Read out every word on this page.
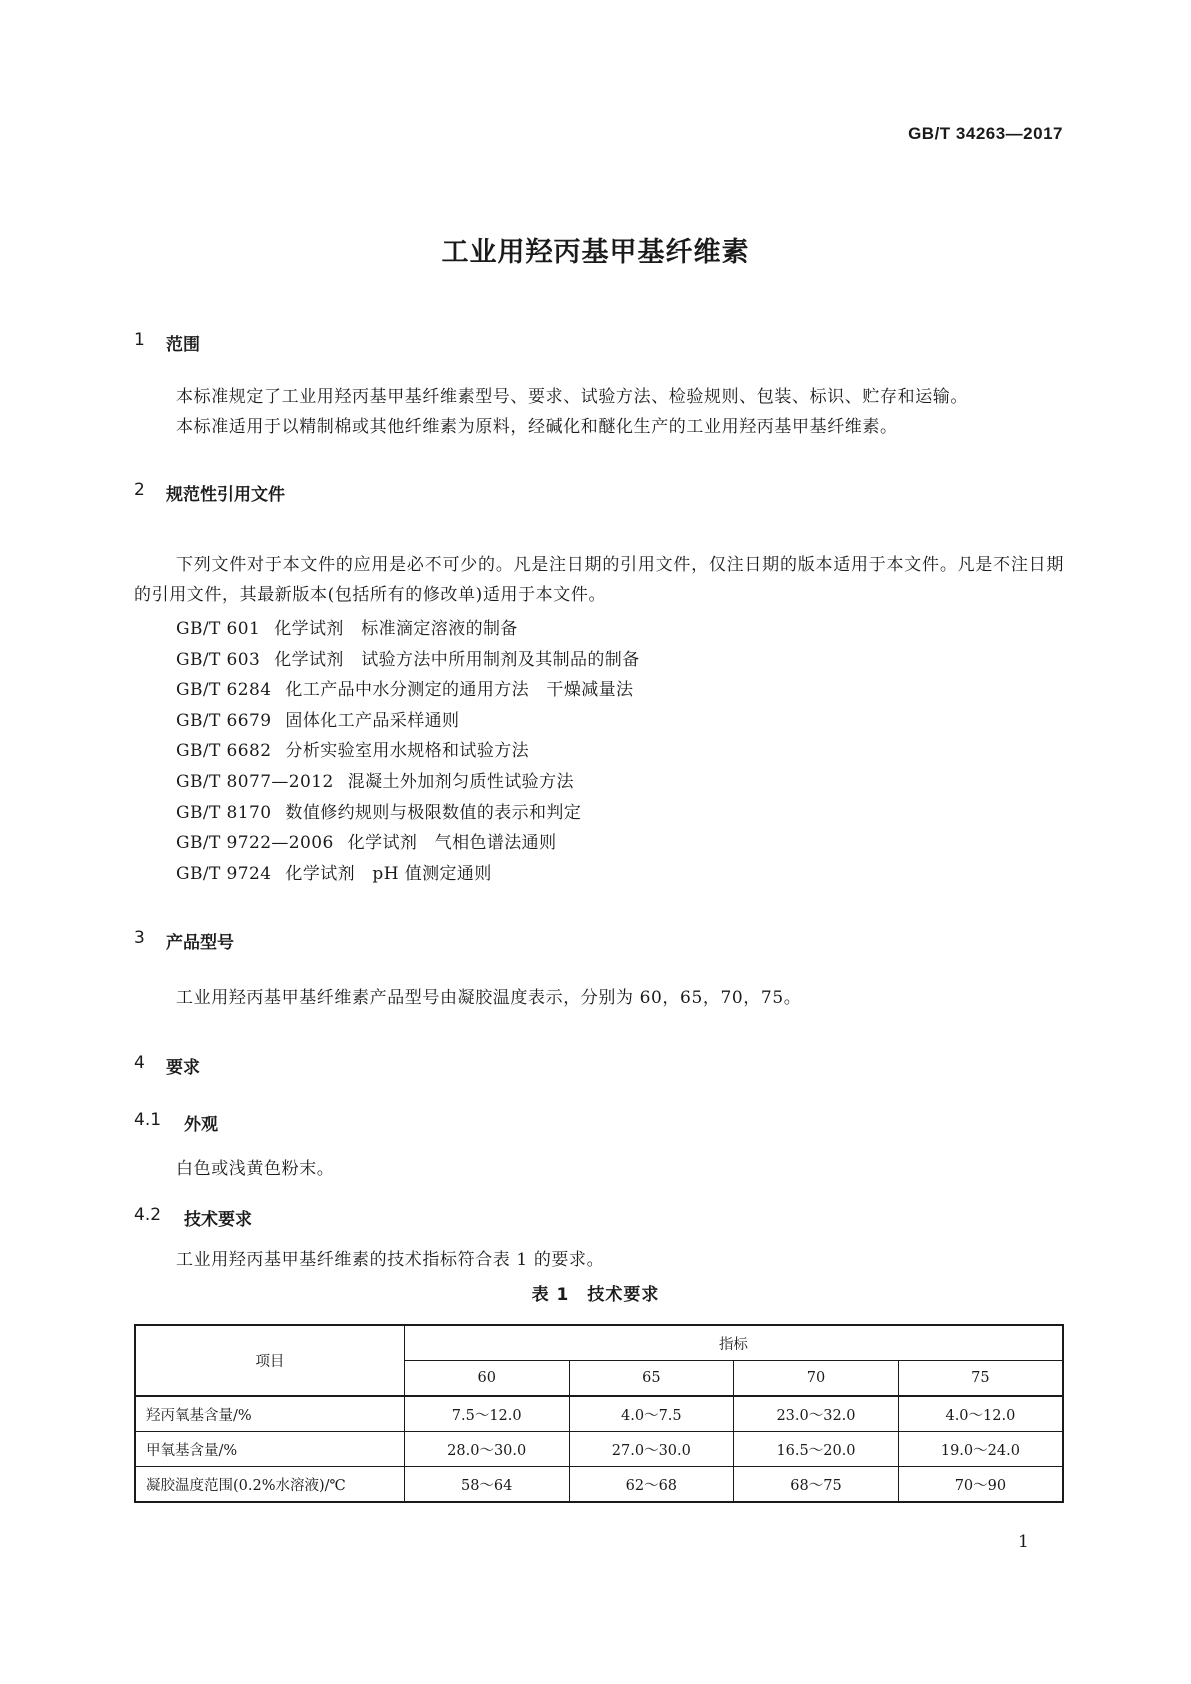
GB/T 34263—2017
工业用羟丙基甲基纤维素
1	范围
本标准规定了工业用羟丙基甲基纤维素型号、要求、试验方法、检验规则、包装、标识、贮存和运输。
本标准适用于以精制棉或其他纤维素为原料，经碱化和醚化生产的工业用羟丙基甲基纤维素。
2	规范性引用文件
下列文件对于本文件的应用是必不可少的。凡是注日期的引用文件，仅注日期的版本适用于本文件。凡是不注日期的引用文件，其最新版本(包括所有的修改单)适用于本文件。
GB/T 601 化学试剂　标准滴定溶液的制备
GB/T 603 化学试剂　试验方法中所用制剂及其制品的制备
GB/T 6284 化工产品中水分测定的通用方法　干燥减量法
GB/T 6679 固体化工产品采样通则
GB/T 6682 分析实验室用水规格和试验方法
GB/T 8077—2012 混凝土外加剂匀质性试验方法
GB/T 8170 数值修约规则与极限数值的表示和判定
GB/T 9722—2006 化学试剂　气相色谱法通则
GB/T 9724 化学试剂　pH 值测定通则
3	产品型号
工业用羟丙基甲基纤维素产品型号由凝胶温度表示，分别为 60，65，70，75。
4	要求
4.1	外观
白色或浅黄色粉末。
4.2	技术要求
工业用羟丙基甲基纤维素的技术指标符合表 1 的要求。
表 1　技术要求
项目	指标			
	60	65	70	75
羟丙氧基含量/%	7.5～12.0	4.0～7.5	23.0～32.0	4.0～12.0
甲氧基含量/%	28.0～30.0	27.0～30.0	16.5～20.0	19.0～24.0
凝胶温度范围(0.2%水溶液)/℃	58～64	62～68	68～75	70～90
1
